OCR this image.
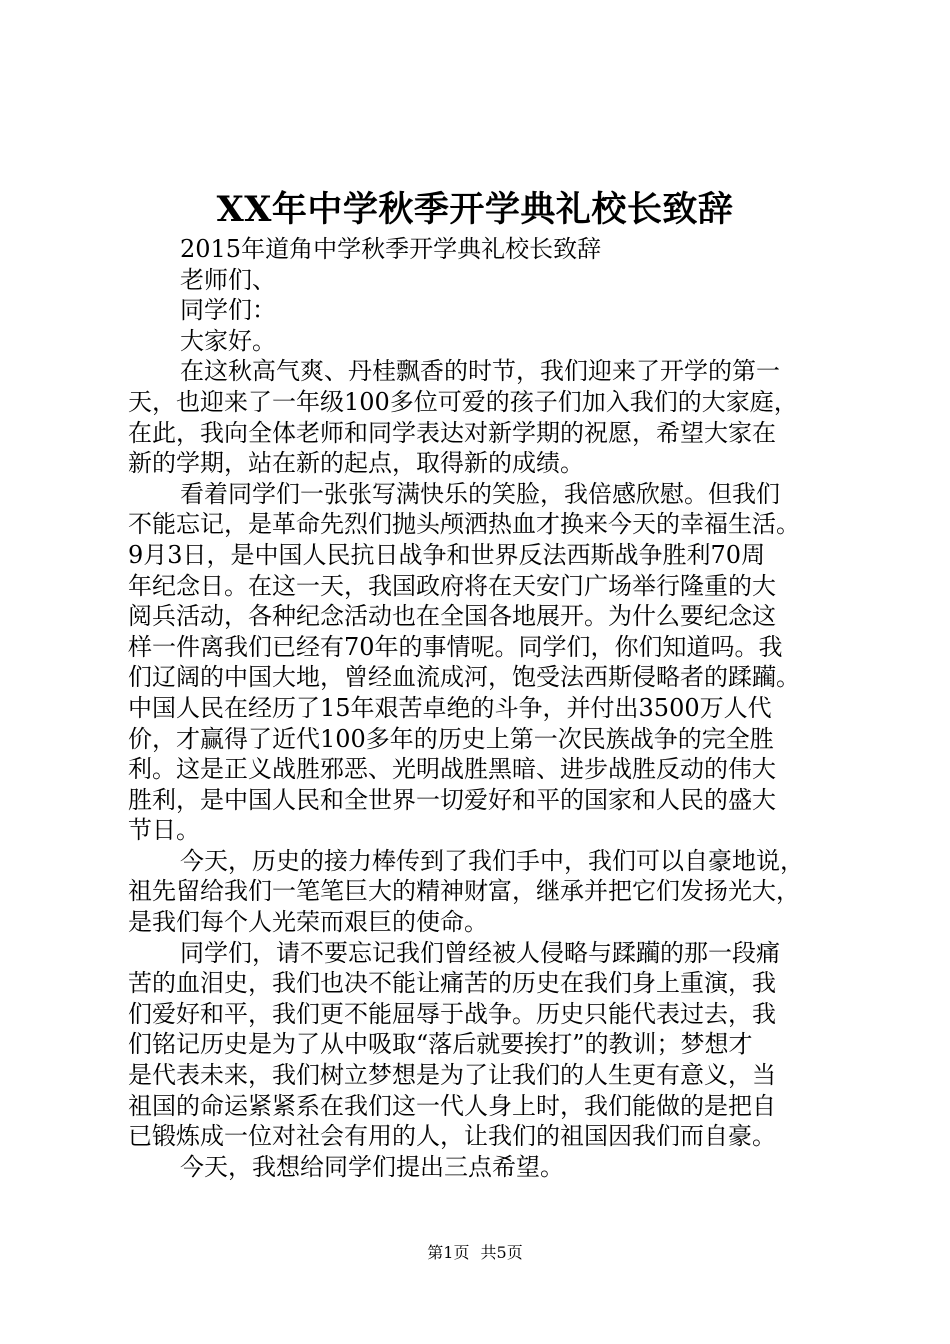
XX年中学秋季开学典礼校长致辞
2015年道角中学秋季开学典礼校长致辞
老师们、
同学们：
大家好。
在这秋高气爽、丹桂飘香的时节，我们迎来了开学的第一
天，也迎来了一年级100多位可爱的孩子们加入我们的大家庭，
在此，我向全体老师和同学表达对新学期的祝愿，希望大家在
新的学期，站在新的起点，取得新的成绩。
看着同学们一张张写满快乐的笑脸，我倍感欣慰。但我们
不能忘记，是革命先烈们抛头颅洒热血才换来今天的幸福生活。
9月3日，是中国人民抗日战争和世界反法西斯战争胜利70周
年纪念日。在这一天，我国政府将在天安门广场举行隆重的大
阅兵活动，各种纪念活动也在全国各地展开。为什么要纪念这
样一件离我们已经有70年的事情呢。同学们，你们知道吗。我
们辽阔的中国大地，曾经血流成河，饱受法西斯侵略者的蹂躏。
中国人民在经历了15年艰苦卓绝的斗争，并付出3500万人代
价，才赢得了近代100多年的历史上第一次民族战争的完全胜
利。这是正义战胜邪恶、光明战胜黑暗、进步战胜反动的伟大
胜利，是中国人民和全世界一切爱好和平的国家和人民的盛大
节日。
今天，历史的接力棒传到了我们手中，我们可以自豪地说，
祖先留给我们一笔笔巨大的精神财富，继承并把它们发扬光大，
是我们每个人光荣而艰巨的使命。
同学们，请不要忘记我们曾经被人侵略与蹂躏的那一段痛
苦的血泪史，我们也决不能让痛苦的历史在我们身上重演，我
们爱好和平，我们更不能屈辱于战争。历史只能代表过去，我
们铭记历史是为了从中吸取“落后就要挨打”的教训；梦想才
是代表未来，我们树立梦想是为了让我们的人生更有意义，当
祖国的命运紧紧系在我们这一代人身上时，我们能做的是把自
已锻炼成一位对社会有用的人，让我们的祖国因我们而自豪。
今天，我想给同学们提出三点希望。
第1页 共5页
